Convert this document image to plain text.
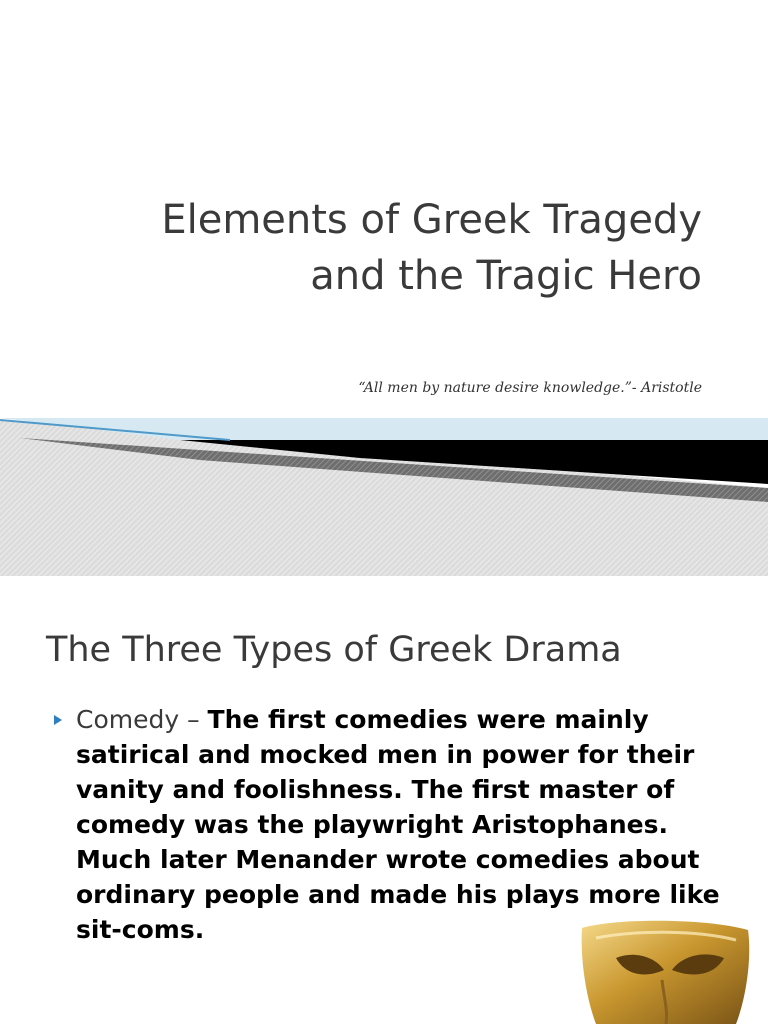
Elements of Greek Tragedy
and the Tragic Hero
“All men by nature desire knowledge.”- Aristotle
The Three Types of Greek Drama
Comedy – The first comedies were mainly satirical and mocked men in power for their vanity and foolishness. The first master of comedy was the playwright Aristophanes. Much later Menander wrote comedies about ordinary people and made his plays more like sit-coms.
